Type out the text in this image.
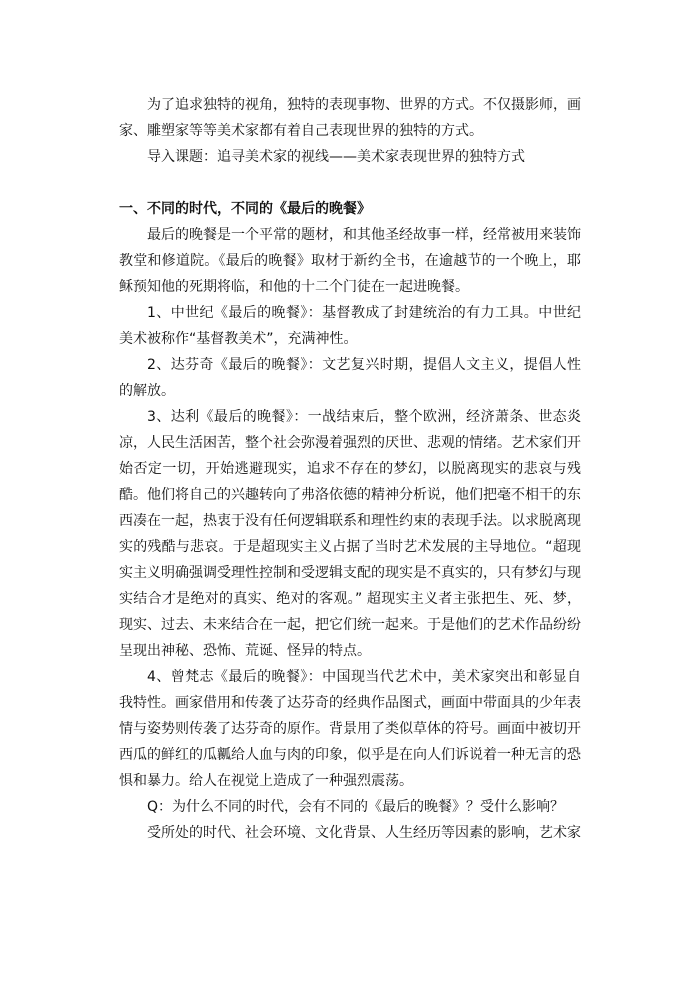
为了追求独特的视角，独特的表现事物、世界的方式。不仅摄影师，画家、雕塑家等等美术家都有着自己表现世界的独特的方式。

导入课题：追寻美术家的视线——美术家表现世界的独特方式

一、不同的时代，不同的《最后的晚餐》

最后的晚餐是一个平常的题材，和其他圣经故事一样，经常被用来装饰教堂和修道院。《最后的晚餐》取材于新约全书，在逾越节的一个晚上，耶稣预知他的死期将临，和他的十二个门徒在一起进晚餐。

1、中世纪《最后的晚餐》：基督教成了封建统治的有力工具。中世纪美术被称作“基督教美术”，充满神性。

2、达芬奇《最后的晚餐》：文艺复兴时期，提倡人文主义，提倡人性的解放。

3、达利《最后的晚餐》：一战结束后，整个欧洲，经济萧条、世态炎凉，人民生活困苦，整个社会弥漫着强烈的厌世、悲观的情绪。艺术家们开始否定一切，开始逃避现实，追求不存在的梦幻，以脱离现实的悲哀与残酷。他们将自己的兴趣转向了弗洛依德的精神分析说，他们把毫不相干的东西凑在一起，热衷于没有任何逻辑联系和理性约束的表现手法。以求脱离现实的残酷与悲哀。于是超现实主义占据了当时艺术发展的主导地位。“超现实主义明确强调受理性控制和受逻辑支配的现实是不真实的，只有梦幻与现实结合才是绝对的真实、绝对的客观。” 超现实主义者主张把生、死、梦，现实、过去、未来结合在一起，把它们统一起来。于是他们的艺术作品纷纷呈现出神秘、恐怖、荒诞、怪异的特点。

4、曾梵志《最后的晚餐》：中国现当代艺术中，美术家突出和彰显自我特性。画家借用和传袭了达芬奇的经典作品图式，画面中带面具的少年表情与姿势则传袭了达芬奇的原作。背景用了类似草体的符号。画面中被切开西瓜的鲜红的瓜瓤给人血与肉的印象，似乎是在向人们诉说着一种无言的恐惧和暴力。给人在视觉上造成了一种强烈震荡。

Q：为什么不同的时代，会有不同的《最后的晚餐》？受什么影响？

受所处的时代、社会环境、文化背景、人生经历等因素的影响，艺术家
